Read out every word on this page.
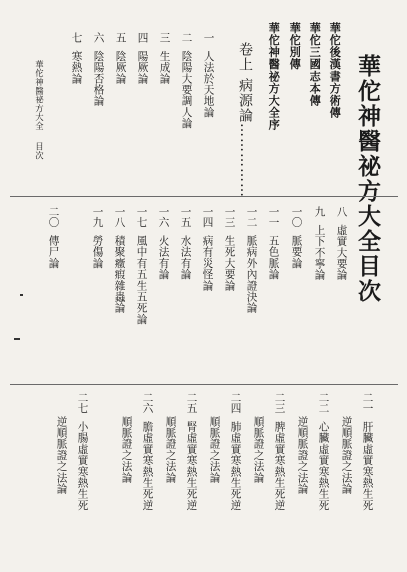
華佗神醫祕方大全目次
華佗後漢書方術傳
華佗三國志本傳
華佗別傳
華佗神醫祕方大全序
卷上病源論……………
一人法於天地論
二陰陽大要調人論
三生成論
四陽厥論
五陰厥論
六陰陽否格論
七寒熱論
華佗神醫祕方大全目次
八虛實大要論
九上下不寧論
一〇脈要論
一一五色脈論
一二脈病外內證決論
一三生死大要論
一四病有災怪論
一五水法有論
一六火法有論
一七風中有五生五死論
一八積聚癥瘕雜蟲論
一九勞傷論
二〇傳尸論
二一肝臟虛實寒熱生死
逆順脈證之法論
二二心臟虛實寒熱生死
逆順脈證之法論
二三脾虛實寒熱生死逆
順脈證之法論
二四肺虛實寒熱生死逆
順脈證之法論
二五腎虛實寒熱生死逆
順脈證之法論
二六膽虛實寒熱生死逆
順脈證之法論
二七小腸虛實寒熱生死
逆順脈證之法論
